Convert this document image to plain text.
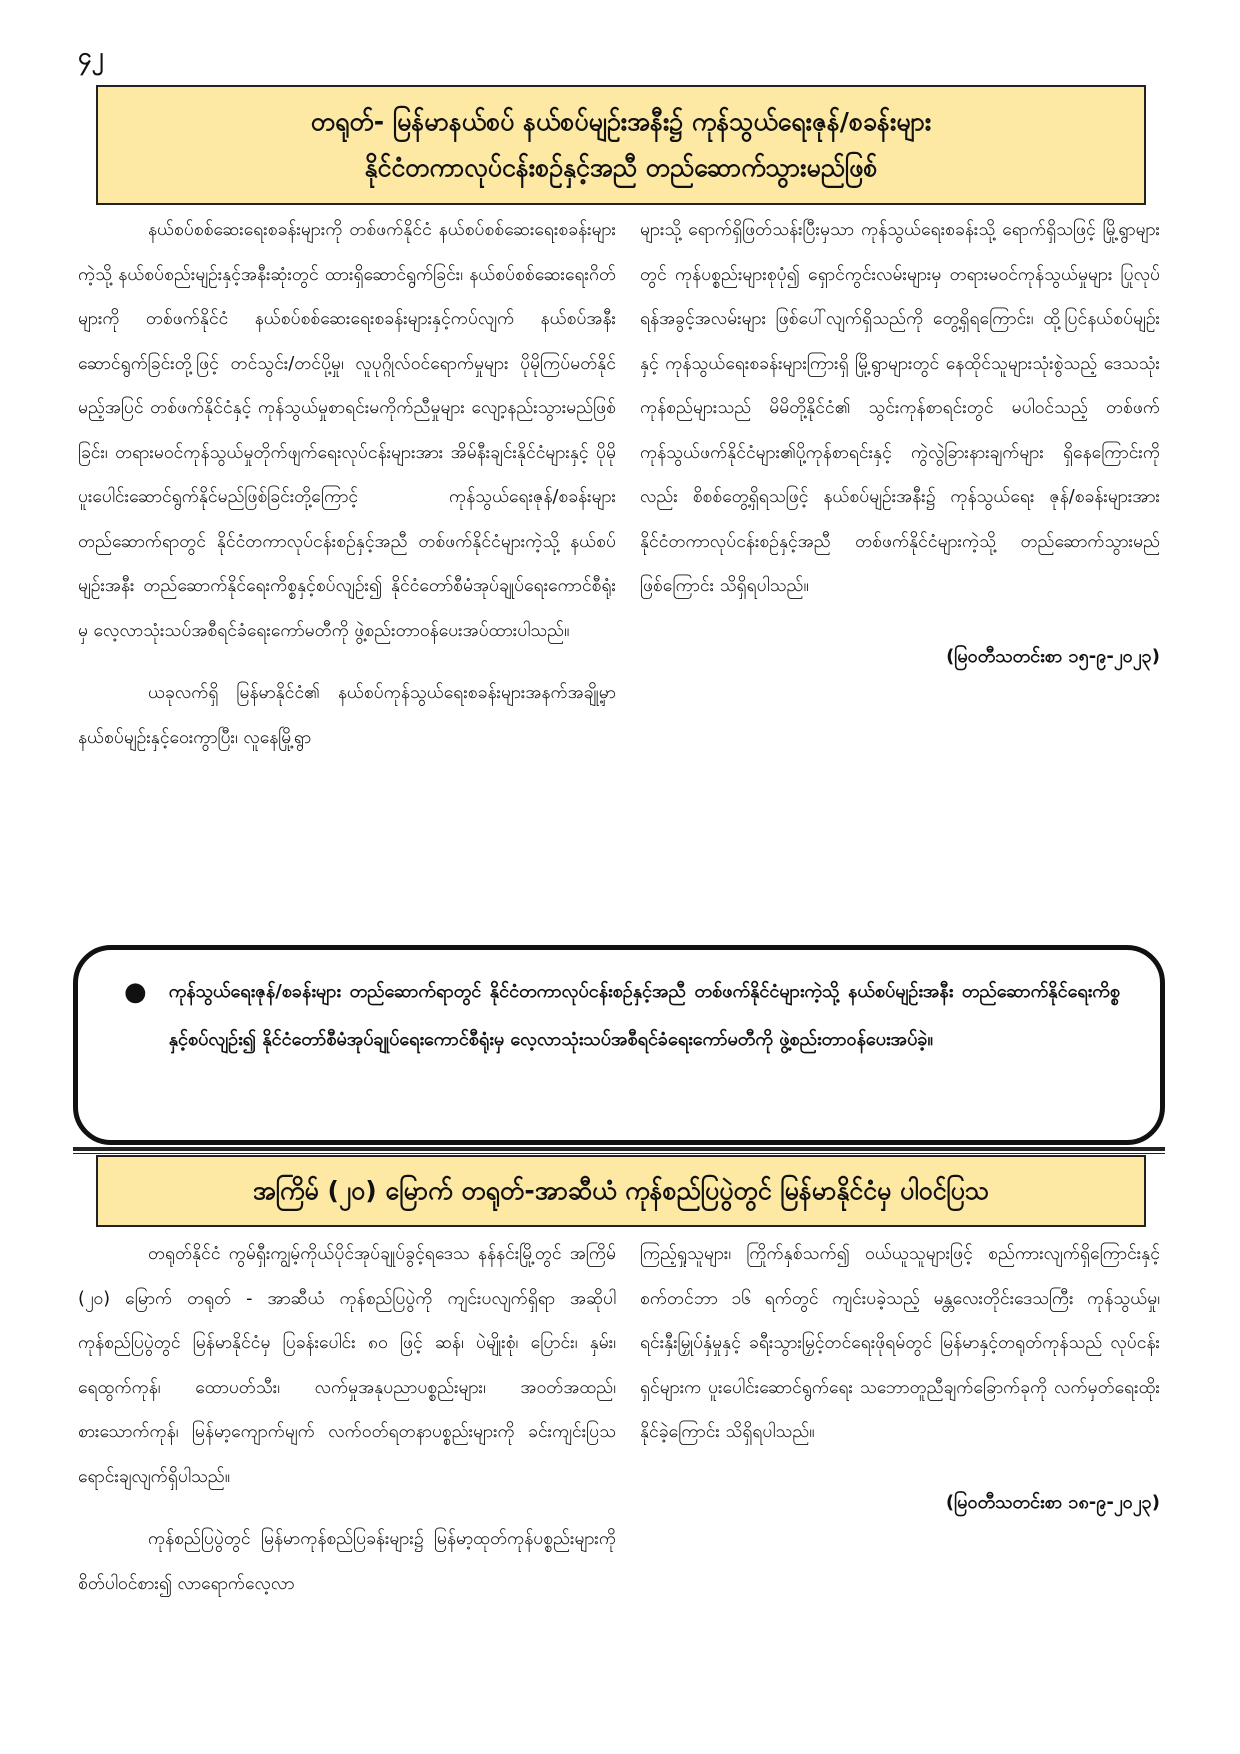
၄၂
တရုတ်- မြန်မာနယ်စပ် နယ်စပ်မျဉ်းအနီး၌ ကုန်သွယ်ရေးဇုန်/စခန်းများ
နိုင်ငံတကာလုပ်ငန်းစဉ်နှင့်အညီ တည်ဆောက်သွားမည်ဖြစ်

နယ်စပ်စစ်ဆေးရေးစခန်းများကို တစ်ဖက်နိုင်ငံ နယ်စပ်စစ်ဆေးရေးစခန်းများကဲ့သို့ နယ်စပ်စည်းမျဉ်းနှင့်အနီးဆုံးတွင် ထားရှိဆောင်ရွက်ခြင်း၊ နယ်စပ်စစ်ဆေးရေးဂိတ်များကို တစ်ဖက်နိုင်ငံ နယ်စပ်စစ်ဆေးရေးစခန်းများနှင့်ကပ်လျက် နယ်စပ်အနီး ဆောင်ရွက်ခြင်းတို့ဖြင့် တင်သွင်း/တင်ပို့မှု၊ လူပုဂ္ဂိုလ်ဝင်ရောက်မှုများ ပိုမိုကြပ်မတ်နိုင်မည့်အပြင် တစ်ဖက်နိုင်ငံနှင့် ကုန်သွယ်မှုစာရင်းမကိုက်ညီမှုများ လျော့နည်းသွားမည်ဖြစ်ခြင်း၊ တရားမဝင်ကုန်သွယ်မှုတိုက်ဖျက်ရေးလုပ်ငန်းများအား အိမ်နီးချင်းနိုင်ငံများနှင့် ပိုမိုပူးပေါင်းဆောင်ရွက်နိုင်မည်ဖြစ်ခြင်းတို့ကြောင့် ကုန်သွယ်ရေးဇုန်/စခန်းများ တည်ဆောက်ရာတွင် နိုင်ငံတကာလုပ်ငန်းစဉ်နှင့်အညီ တစ်ဖက်နိုင်ငံများကဲ့သို့ နယ်စပ်မျဉ်းအနီး တည်ဆောက်နိုင်ရေးကိစ္စနှင့်စပ်လျဉ်း၍ နိုင်ငံတော်စီမံအုပ်ချုပ်ရေးကောင်စီရုံးမှ လေ့လာသုံးသပ်အစီရင်ခံရေးကော်မတီကို ဖွဲ့စည်းတာဝန်ပေးအပ်ထားပါသည်။

ယခုလက်ရှိ မြန်မာနိုင်ငံ၏ နယ်စပ်ကုန်သွယ်ရေးစခန်းများအနက်အချို့မှာ နယ်စပ်မျဉ်းနှင့်ဝေးကွာပြီး၊ လူနေမြို့ရွာ

များသို့ ရောက်ရှိဖြတ်သန်းပြီးမှသာ ကုန်သွယ်ရေးစခန်းသို့ ရောက်ရှိသဖြင့် မြို့ရွာများတွင် ကုန်ပစ္စည်းများစုပုံ၍ ရှောင်ကွင်းလမ်းများမှ တရားမဝင်ကုန်သွယ်မှုများ ပြုလုပ်ရန်အခွင့်အလမ်းများ ဖြစ်ပေါ်လျက်ရှိသည်ကို တွေ့ရှိရကြောင်း၊ ထို့ပြင်နယ်စပ်မျဉ်းနှင့် ကုန်သွယ်ရေးစခန်းများကြားရှိ မြို့ရွာများတွင် နေထိုင်သူများသုံးစွဲသည့် ဒေသသုံးကုန်စည်များသည် မိမိတို့နိုင်ငံ၏ သွင်းကုန်စာရင်းတွင် မပါဝင်သည့် တစ်ဖက်ကုန်သွယ်ဖက်နိုင်ငံများ၏ပို့ကုန်စာရင်းနှင့် ကွဲလွဲခြားနားချက်များ ရှိနေကြောင်းကိုလည်း စိစစ်တွေ့ရှိရသဖြင့် နယ်စပ်မျဉ်းအနီး၌ ကုန်သွယ်ရေး ဇုန်/စခန်းများအား နိုင်ငံတကာလုပ်ငန်းစဉ်နှင့်အညီ တစ်ဖက်နိုင်ငံများကဲ့သို့ တည်ဆောက်သွားမည်ဖြစ်ကြောင်း သိရှိရပါသည်။

(မြဝတီသတင်းစာ ၁၅-၉-၂၀၂၃)

● ကုန်သွယ်ရေးဇုန်/စခန်းများ တည်ဆောက်ရာတွင် နိုင်ငံတကာလုပ်ငန်းစဉ်နှင့်အညီ တစ်ဖက်နိုင်ငံများကဲ့သို့ နယ်စပ်မျဉ်းအနီး တည်ဆောက်နိုင်ရေးကိစ္စနှင့်စပ်လျဉ်း၍ နိုင်ငံတော်စီမံအုပ်ချုပ်ရေးကောင်စီရုံးမှ လေ့လာသုံးသပ်အစီရင်ခံရေးကော်မတီကို ဖွဲ့စည်းတာဝန်ပေးအပ်ခဲ့။
အကြိမ် (၂၀) မြောက် တရုတ်-အာဆီယံ ကုန်စည်ပြပွဲတွင် မြန်မာနိုင်ငံမှ ပါဝင်ပြသ

တရုတ်နိုင်ငံ ကွမ်ရှီးကျွမ့်ကိုယ်ပိုင်အုပ်ချုပ်ခွင့်ရဒေသ နန်နင်းမြို့တွင် အကြိမ် (၂၀) မြောက် တရုတ် - အာဆီယံ ကုန်စည်ပြပွဲကို ကျင်းပလျက်ရှိရာ အဆိုပါကုန်စည်ပြပွဲတွင် မြန်မာနိုင်ငံမှ ပြခန်းပေါင်း ၈၀ ဖြင့် ဆန်၊ ပဲမျိုးစုံ၊ ပြောင်း၊ နှမ်း၊ ရေထွက်ကုန်၊ ထောပတ်သီး၊ လက်မှုအနုပညာပစ္စည်းများ၊ အဝတ်အထည်၊ စားသောက်ကုန်၊ မြန်မာ့ကျောက်မျက် လက်ဝတ်ရတနာပစ္စည်းများကို ခင်းကျင်းပြသရောင်းချလျက်ရှိပါသည်။

ကုန်စည်ပြပွဲတွင် မြန်မာကုန်စည်ပြခန်းများ၌ မြန်မာ့ထုတ်ကုန်ပစ္စည်းများကို စိတ်ပါဝင်စား၍ လာရောက်လေ့လာ

ကြည့်ရှုသူများ၊ ကြိုက်နှစ်သက်၍ ဝယ်ယူသူများဖြင့် စည်ကားလျက်ရှိကြောင်းနှင့် စက်တင်ဘာ ၁၆ ရက်တွင် ကျင်းပခဲ့သည့် မန္တလေးတိုင်းဒေသကြီး ကုန်သွယ်မှု၊ ရင်းနှီးမြှုပ်နှံမှုနှင့် ခရီးသွားမြှင့်တင်ရေးဖိုရမ်တွင် မြန်မာနှင့်တရုတ်ကုန်သည် လုပ်ငန်းရှင်များက ပူးပေါင်းဆောင်ရွက်ရေး သဘောတူညီချက်ခြောက်ခုကို လက်မှတ်ရေးထိုးနိုင်ခဲ့ကြောင်း သိရှိရပါသည်။

(မြဝတီသတင်းစာ ၁၈-၉-၂၀၂၃)
